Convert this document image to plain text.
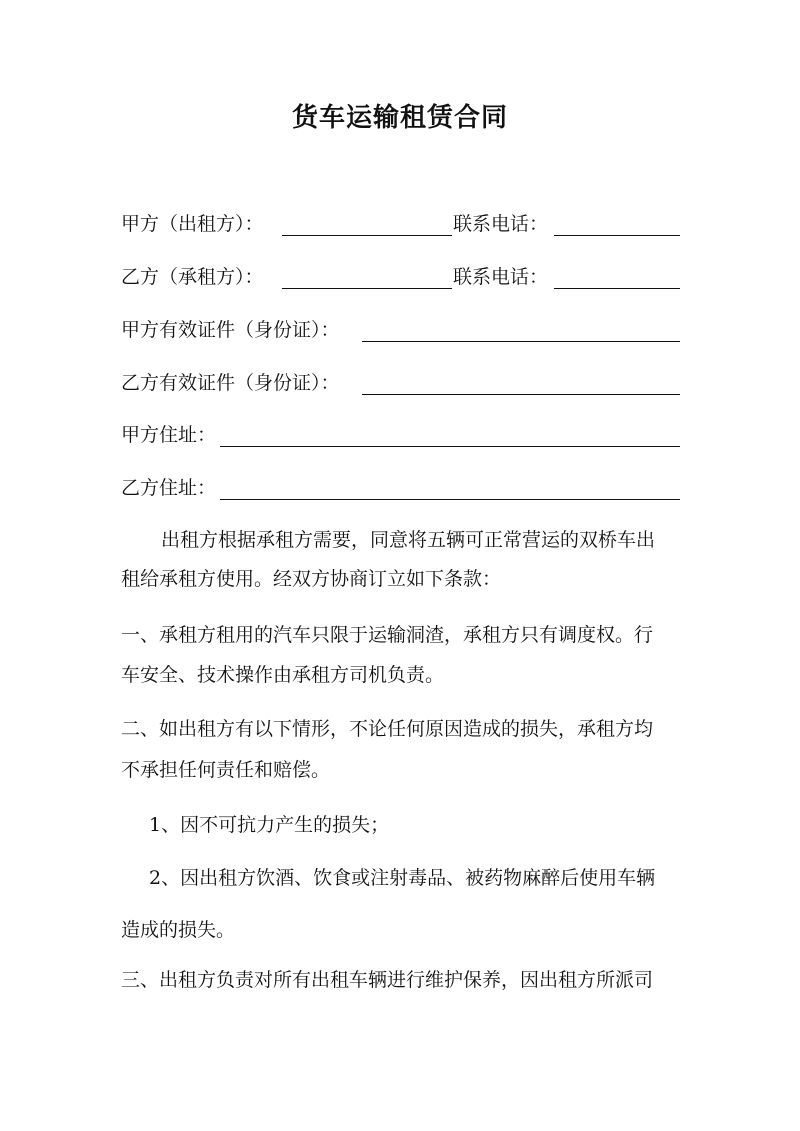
货车运输租赁合同
甲方（出租方）：	联系电话：
乙方（承租方）：	联系电话：
甲方有效证件（身份证）：
乙方有效证件（身份证）：
甲方住址：
乙方住址：
出租方根据承租方需要，同意将五辆可正常营运的双桥车出
租给承租方使用。经双方协商订立如下条款：
一、承租方租用的汽车只限于运输洞渣，承租方只有调度权。行
车安全、技术操作由承租方司机负责。
二、如出租方有以下情形，不论任何原因造成的损失，承租方均
不承担任何责任和赔偿。
1、因不可抗力产生的损失；
2、因出租方饮酒、饮食或注射毒品、被药物麻醉后使用车辆
造成的损失。
三、出租方负责对所有出租车辆进行维护保养，因出租方所派司
